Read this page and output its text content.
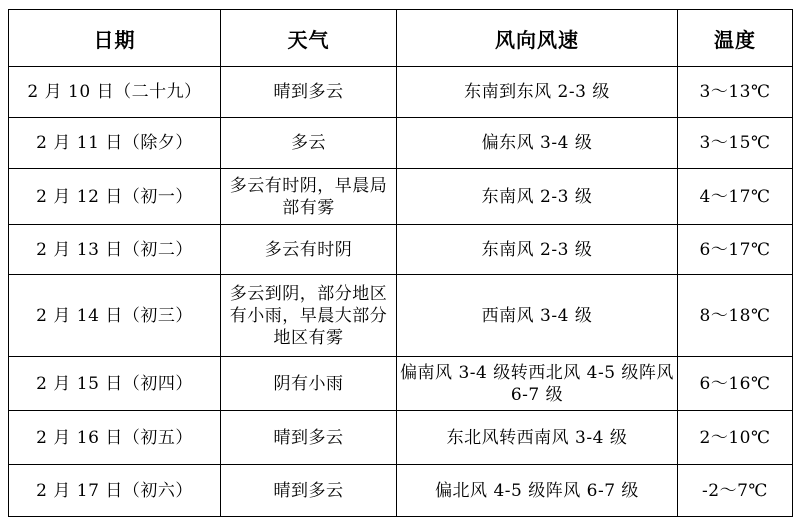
日期	天气	风向风速	温度
2 月 10 日（二十九）	晴到多云	东南到东风 2-3 级	3～13℃
2 月 11 日（除夕）	多云	偏东风 3-4 级	3～15℃
2 月 12 日（初一）	多云有时阴，早晨局部有雾	东南风 2-3 级	4～17℃
2 月 13 日（初二）	多云有时阴	东南风 2-3 级	6～17℃
2 月 14 日（初三）	多云到阴，部分地区有小雨，早晨大部分地区有雾	西南风 3-4 级	8～18℃
2 月 15 日（初四）	阴有小雨	偏南风 3-4 级转西北风 4-5 级阵风 6-7 级	6～16℃
2 月 16 日（初五）	晴到多云	东北风转西南风 3-4 级	2～10℃
2 月 17 日（初六）	晴到多云	偏北风 4-5 级阵风 6-7 级	-2～7℃
